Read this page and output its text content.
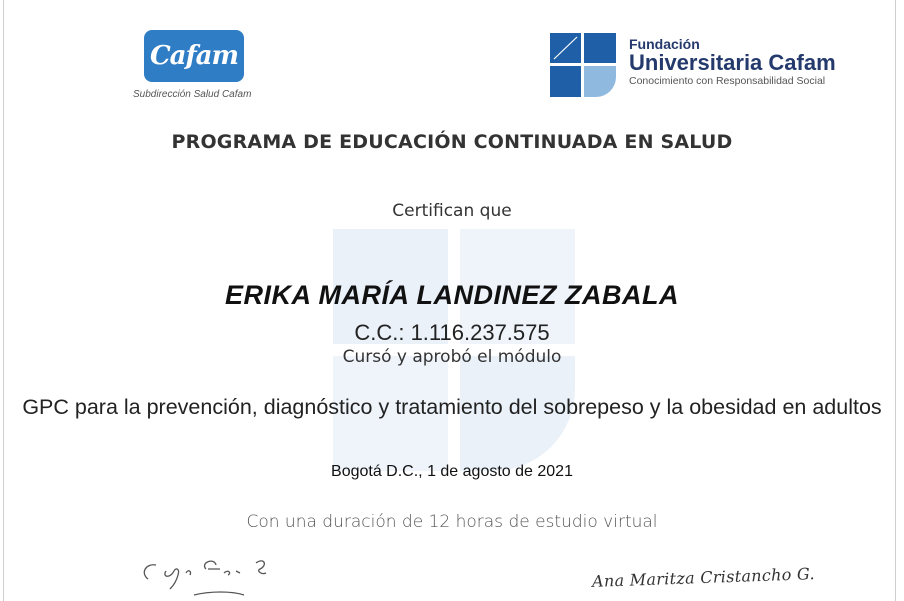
Cafam
Subdirección Salud Cafam
Fundación
Universitaria Cafam
Conocimiento con Responsabilidad Social
PROGRAMA DE EDUCACIÓN CONTINUADA EN SALUD
Certifican que
ERIKA MARÍA LANDINEZ ZABALA
C.C.: 1.116.237.575
Cursó y aprobó el módulo
GPC para la prevención, diagnóstico y tratamiento del sobrepeso y la obesidad en adultos
Bogotá D.C., 1 de agosto de 2021
Con una duración de 12 horas de estudio virtual
Ana Maritza Cristancho G.
